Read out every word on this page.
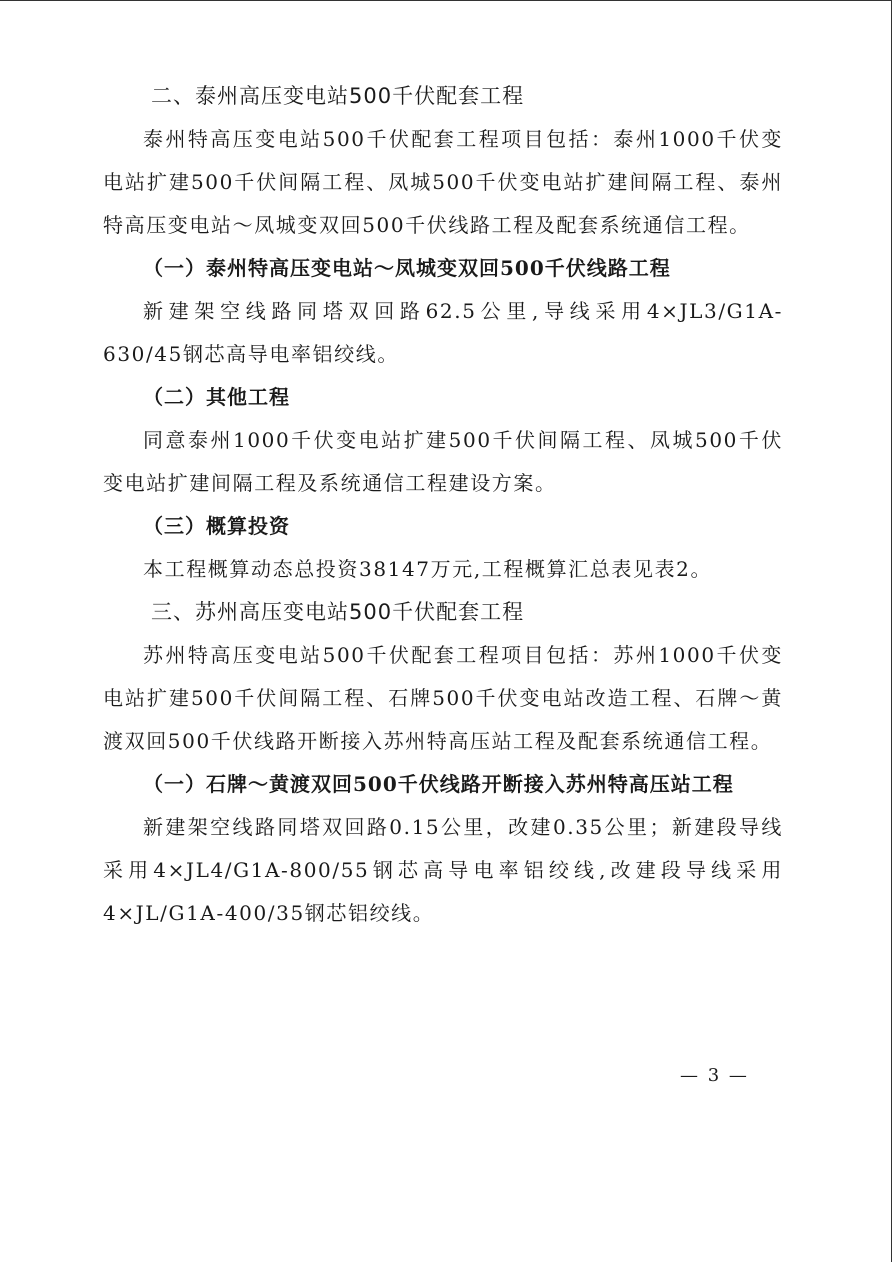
二、泰州高压变电站500千伏配套工程

泰州特高压变电站500千伏配套工程项目包括：泰州1000千伏变电站扩建500千伏间隔工程、凤城500千伏变电站扩建间隔工程、泰州特高压变电站～凤城变双回500千伏线路工程及配套系统通信工程。

（一）泰州特高压变电站～凤城变双回500千伏线路工程

新建架空线路同塔双回路62.5公里,导线采用4×JL3/G1A-630/45钢芯高导电率铝绞线。

（二）其他工程

同意泰州1000千伏变电站扩建500千伏间隔工程、凤城500千伏变电站扩建间隔工程及系统通信工程建设方案。

（三）概算投资

本工程概算动态总投资38147万元,工程概算汇总表见表2。

三、苏州高压变电站500千伏配套工程

苏州特高压变电站500千伏配套工程项目包括：苏州1000千伏变电站扩建500千伏间隔工程、石牌500千伏变电站改造工程、石牌～黄渡双回500千伏线路开断接入苏州特高压站工程及配套系统通信工程。

（一）石牌～黄渡双回500千伏线路开断接入苏州特高压站工程

新建架空线路同塔双回路0.15公里，改建0.35公里；新建段导线采用4×JL4/G1A-800/55钢芯高导电率铝绞线,改建段导线采用4×JL/G1A-400/35钢芯铝绞线。

— 3 —
